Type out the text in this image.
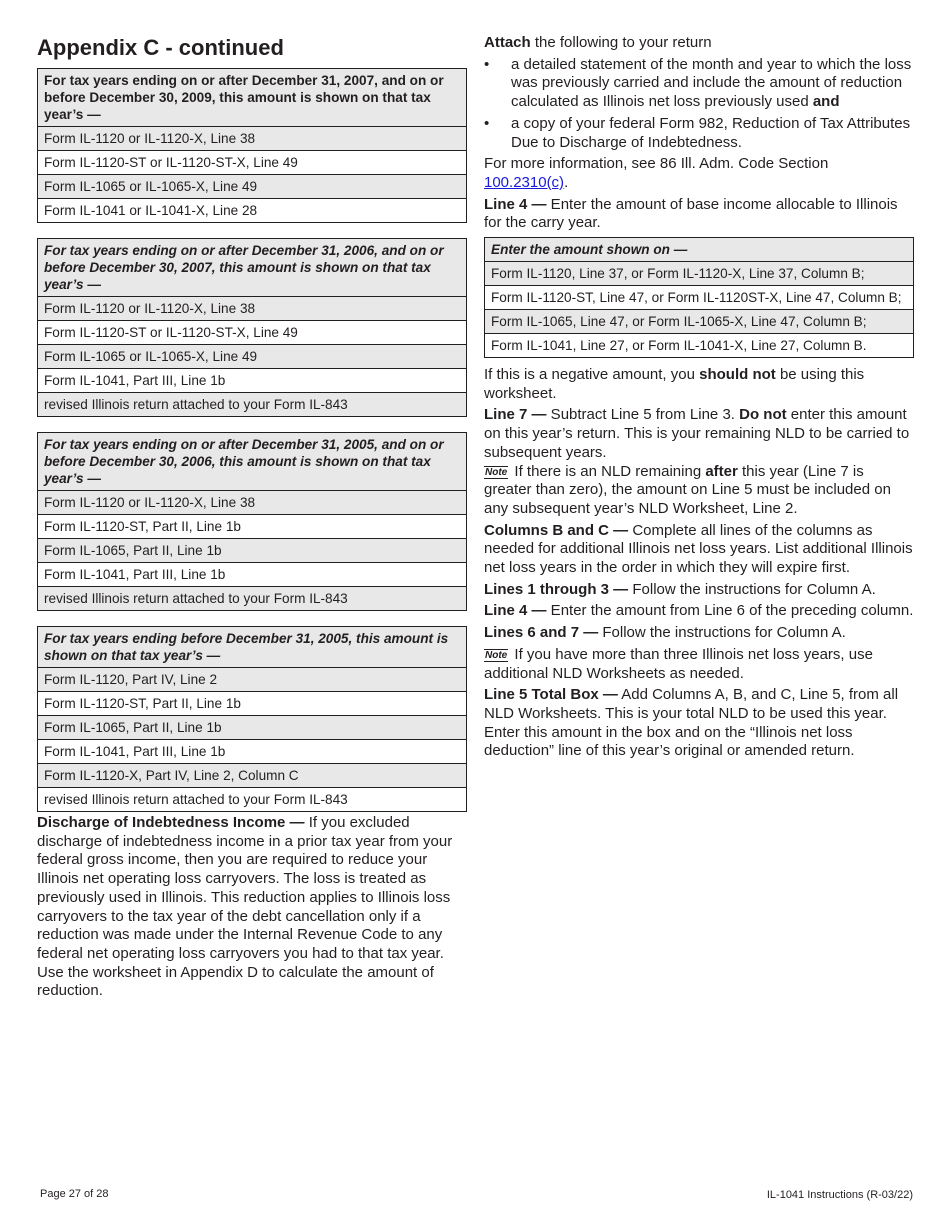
Appendix C - continued
For tax years ending on or after December 31, 2007, and on or before December 30, 2009, this amount is shown on that tax year’s —
Form IL-1120 or IL-1120-X, Line 38
Form IL-1120-ST or IL-1120-ST-X, Line 49
Form IL-1065 or IL-1065-X, Line 49
Form IL-1041 or IL-1041-X, Line 28
For tax years ending on or after December 31, 2006, and on or before December 30, 2007, this amount is shown on that tax year’s —
Form IL-1120 or IL-1120-X, Line 38
Form IL-1120-ST or IL-1120-ST-X, Line 49
Form IL-1065 or IL-1065-X, Line 49
Form IL-1041, Part III, Line 1b
revised Illinois return attached to your Form IL-843
For tax years ending on or after December 31, 2005, and on or before December 30, 2006, this amount is shown on that tax year’s —
Form IL-1120 or IL-1120-X, Line 38
Form IL-1120-ST, Part II, Line 1b
Form IL-1065, Part II, Line 1b
Form IL-1041, Part III, Line 1b
revised Illinois return attached to your Form IL-843
For tax years ending before December 31, 2005, this amount is shown on that tax year’s —
Form IL-1120, Part IV, Line 2
Form IL-1120-ST, Part II, Line 1b
Form IL-1065, Part II, Line 1b
Form IL-1041, Part III, Line 1b
Form IL-1120-X, Part IV, Line 2, Column C
revised Illinois return attached to your Form IL-843

Discharge of Indebtedness Income — If you excluded discharge of indebtedness income in a prior tax year from your federal gross income, then you are required to reduce your Illinois net operating loss carryovers. The loss is treated as previously used in Illinois. This reduction applies to Illinois loss carryovers to the tax year of the debt cancellation only if a reduction was made under the Internal Revenue Code to any federal net operating loss carryovers you had to that tax year. Use the worksheet in Appendix D to calculate the amount of reduction.

Attach the following to your return

• a detailed statement of the month and year to which the loss was previously carried and include the amount of reduction calculated as Illinois net loss previously used and
• a copy of your federal Form 982, Reduction of Tax Attributes Due to Discharge of Indebtedness.

For more information, see 86 Ill. Adm. Code Section 100.2310(c).

Line 4 — Enter the amount of base income allocable to Illinois for the carry year.

Enter the amount shown on —
Form IL-1120, Line 37, or Form IL-1120-X, Line 37, Column B;
Form IL-1120-ST, Line 47, or Form IL-1120ST-X, Line 47, Column B;
Form IL-1065, Line 47, or Form IL-1065-X, Line 47, Column B;
Form IL-1041, Line 27, or Form IL-1041-X, Line 27, Column B.

If this is a negative amount, you should not be using this worksheet.

Line 7 — Subtract Line 5 from Line 3. Do not enter this amount on this year’s return. This is your remaining NLD to be carried to subsequent years.

Note If there is an NLD remaining after this year (Line 7 is greater than zero), the amount on Line 5 must be included on any subsequent year’s NLD Worksheet, Line 2.

Columns B and C — Complete all lines of the columns as needed for additional Illinois net loss years. List additional Illinois net loss years in the order in which they will expire first.

Lines 1 through 3 — Follow the instructions for Column A.

Line 4 — Enter the amount from Line 6 of the preceding column.

Lines 6 and 7 — Follow the instructions for Column A.

Note If you have more than three Illinois net loss years, use additional NLD Worksheets as needed.

Line 5 Total Box — Add Columns A, B, and C, Line 5, from all NLD Worksheets. This is your total NLD to be used this year. Enter this amount in the box and on the “Illinois net loss deduction” line of this year’s original or amended return.

Page 27 of 28	IL-1041 Instructions (R-03/22)
